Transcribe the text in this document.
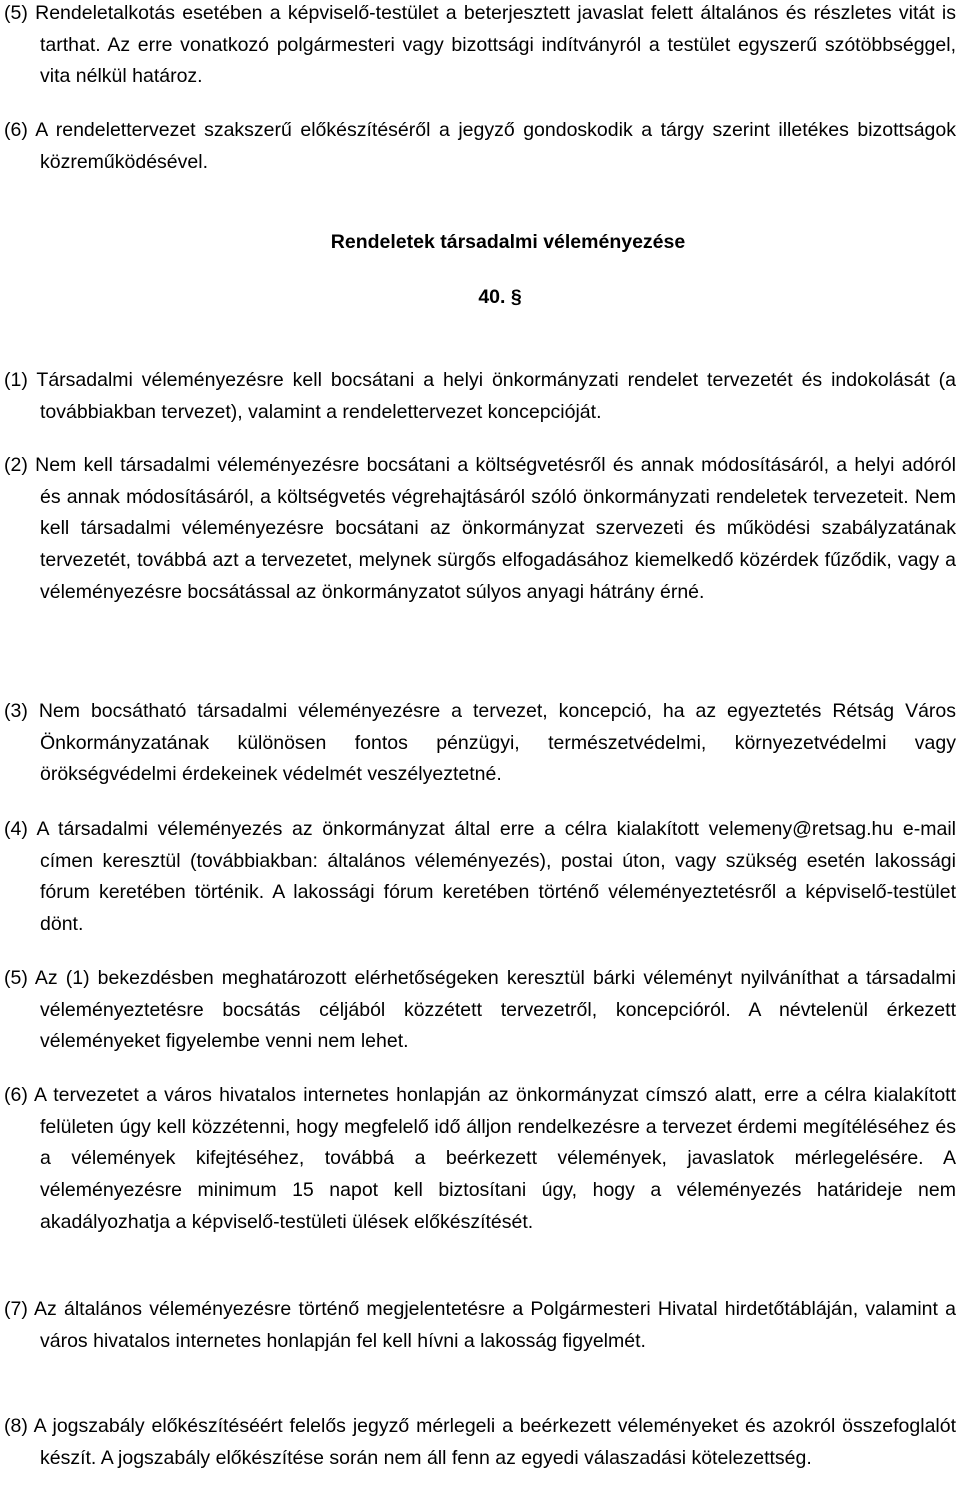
(5) Rendeletalkotás esetében a képviselő-testület a beterjesztett javaslat felett általános és részletes vitát is tarthat. Az erre vonatkozó polgármesteri vagy bizottsági indítványról a testület egyszerű szótöbbséggel, vita nélkül határoz.
(6) A rendelettervezet szakszerű előkészítéséről a jegyző gondoskodik a tárgy szerint illetékes bizottságok közreműködésével.
Rendeletek társadalmi véleményezése
40. §
(1) Társadalmi véleményezésre kell bocsátani a helyi önkormányzati rendelet tervezetét és indokolását (a továbbiakban tervezet), valamint a rendelettervezet koncepcióját.
(2) Nem kell társadalmi véleményezésre bocsátani a költségvetésről és annak módosításáról, a helyi adóról és annak módosításáról, a költségvetés végrehajtásáról szóló önkormányzati rendeletek tervezeteit. Nem kell társadalmi véleményezésre bocsátani az önkormányzat szervezeti és működési szabályzatának tervezetét, továbbá azt a tervezetet, melynek sürgős elfogadásához kiemelkedő közérdek fűződik, vagy a véleményezésre bocsátással az önkormányzatot súlyos anyagi hátrány érné.
(3) Nem bocsátható társadalmi véleményezésre a tervezet, koncepció, ha az egyeztetés Rétság Város Önkormányzatának különösen fontos pénzügyi, természetvédelmi, környezetvédelmi vagy örökségvédelmi érdekeinek védelmét veszélyeztetné.
(4) A társadalmi véleményezés az önkormányzat által erre a célra kialakított velemeny@retsag.hu e-mail címen keresztül (továbbiakban: általános véleményezés), postai úton, vagy szükség esetén lakossági fórum keretében történik. A lakossági fórum keretében történő véleményeztetésről a képviselő-testület dönt.
(5) Az (1) bekezdésben meghatározott elérhetőségeken keresztül bárki véleményt nyilváníthat a társadalmi véleményeztetésre bocsátás céljából közzétett tervezetről, koncepcióról. A névtelenül érkezett véleményeket figyelembe venni nem lehet.
(6) A tervezetet a város hivatalos internetes honlapján az önkormányzat címszó alatt, erre a célra kialakított felületen úgy kell közzétenni, hogy megfelelő idő álljon rendelkezésre a tervezet érdemi megítéléséhez és a vélemények kifejtéséhez, továbbá a beérkezett vélemények, javaslatok mérlegelésére. A véleményezésre minimum 15 napot kell biztosítani úgy, hogy a véleményezés határideje nem akadályozhatja a képviselő-testületi ülések előkészítését.
(7) Az általános véleményezésre történő megjelentetésre a Polgármesteri Hivatal hirdetőtábláján, valamint a város hivatalos internetes honlapján fel kell hívni a lakosság figyelmét.
(8) A jogszabály előkészítéséért felelős jegyző mérlegeli a beérkezett véleményeket és azokról összefoglalót készít. A jogszabály előkészítése során nem áll fenn az egyedi válaszadási kötelezettség.
